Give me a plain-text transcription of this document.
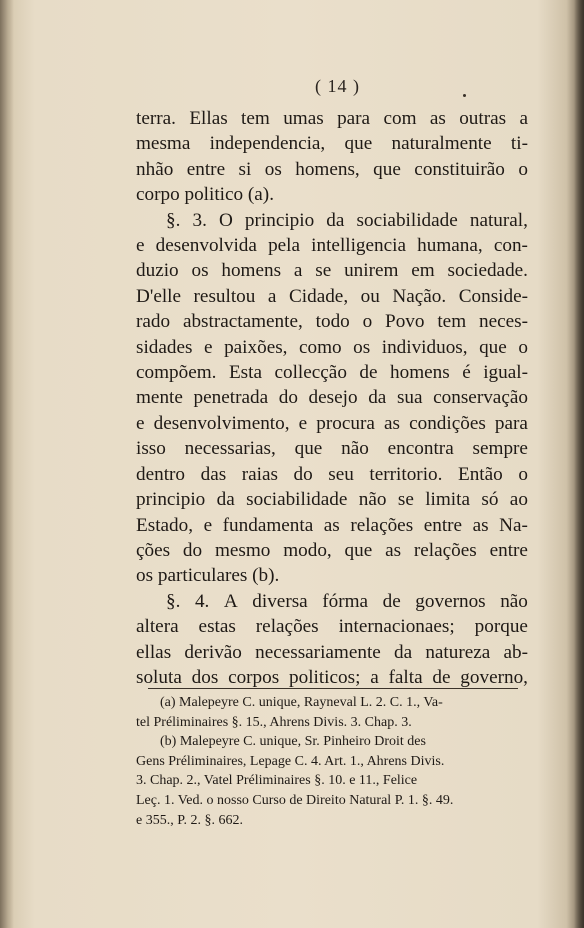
( 14 )
terra. Ellas tem umas para com as outras a
mesma independencia, que naturalmente ti-
nhão entre si os homens, que constituirão o
corpo politico (a).
§. 3. O principio da sociabilidade natural,
e desenvolvida pela intelligencia humana, con-
duzio os homens a se unirem em sociedade.
D'elle resultou a Cidade, ou Nação. Conside-
rado abstractamente, todo o Povo tem neces-
sidades e paixões, como os individuos, que o
compõem. Esta collecção de homens é igual-
mente penetrada do desejo da sua conservação
e desenvolvimento, e procura as condições para
isso necessarias, que não encontra sempre
dentro das raias do seu territorio. Então o
principio da sociabilidade não se limita só ao
Estado, e fundamenta as relações entre as Na-
ções do mesmo modo, que as relações entre
os particulares (b).
§. 4. A diversa fórma de governos não
altera estas relações internacionaes; porque
ellas derivão necessariamente da natureza ab-
soluta dos corpos politicos; a falta de governo,
(a) Malepeyre C. unique, Rayneval L. 2. C. 1., Va-
tel Préliminaires §. 15., Ahrens Divis. 3. Chap. 3.
(b) Malepeyre C. unique, Sr. Pinheiro Droit des
Gens Préliminaires, Lepage C. 4. Art. 1., Ahrens Divis.
3. Chap. 2., Vatel Préliminaires §. 10. e 11., Felice
Leç. 1. Ved. o nosso Curso de Direito Natural P. 1. §. 49.
e 355., P. 2. §. 662.
